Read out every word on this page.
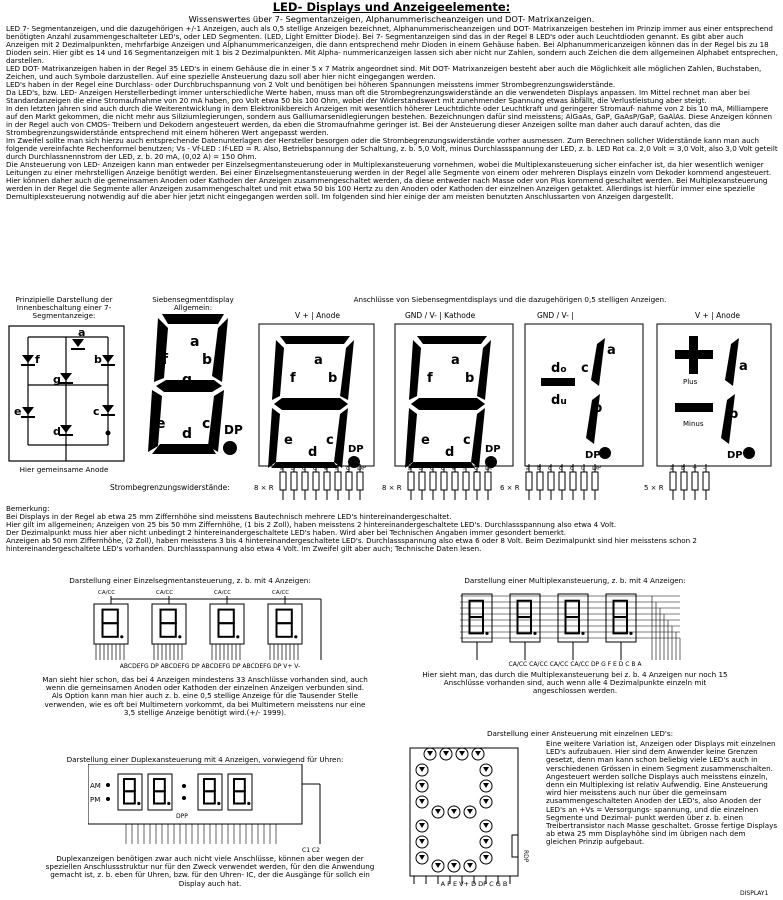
LED- Displays und Anzeigeelemente:
Wissenswertes über 7- Segmentanzeigen, Alphanummerischeanzeigen und DOT- Matrixanzeigen.

LED 7- Segmentanzeigen, und die dazugehörigen +/-1 Anzeigen, auch als 0,5 stellige Anzeigen bezeichnet, Alphanummerischeanzeigen und DOT- Matrixanzeigen bestehen im Prinzip immer aus einer entsprechend benötigten Anzahl zusammengeschalteter LED's, oder LED Segmenten. (LED, Light Emitter Diode). Bei 7- Segmentanzeigen sind das in der Regel 8 LED's oder auch Leuchtdioden genannt. Es gibt aber auch Anzeigen mit 2 Dezimalpunkten, mehrfarbige Anzeigen und Alphanummericanzeigen, die dann entsprechend mehr Dioden in einem Gehäuse haben. Bei Alphanummericanzeigen können das in der Regel bis zu 18 Dioden sein. Hier gibt es 14 und 16 Segmentanzeigen mit 1 bis 2 Dezimalpunkten. Mit Alpha- nummericanzeigen lassen sich aber nicht nur Zahlen, sondern auch Zeichen die dem allgemeinen Alphabet entsprechen, darstellen.

LED DOT- Matrixanzeigen haben in der Regel 35 LED's in einem Gehäuse die in einer 5 x 7 Matrix angeordnet sind. Mit DOT- Matrixanzeigen besteht aber auch die Möglichkeit alle möglichen Zahlen, Buchstaben, Zeichen, und auch Symbole darzustellen. Auf eine spezielle Ansteuerung dazu soll aber hier nicht eingegangen werden.

LED's haben in der Regel eine Durchlass- oder Durchbruchspannung von 2 Volt und benötigen bei höheren Spannungen meisstens immer Strombegrenzungswiderstände.

Da LED's, bzw. LED- Anzeigen Herstellerbedingt immer unterschiedliche Werte haben, muss man oft die Strombegrenzungswiderstände an die verwendeten Displays anpassen. Im Mittel rechnet man aber bei Standardanzeigen die eine Stromaufnahme von 20 mA haben, pro Volt etwa 50 bis 100 Ohm, wobei der Widerstandswert mit zunehmender Spannung etwas äbfällt, die Verlustleistung aber steigt.

In den letzten Jahren sind auch durch die Weiterentwicklung in dem Elektronikbereich Anzeigen mit wesentlich höherer Leuchtdichte oder Leuchtkraft und geringerer Stromauf- nahme von 2 bis 10 mA, Milliampere auf den Markt gekommen, die nicht mehr aus Siliziumlegierungen, sondern aus Galliumarsenidlegierungen bestehen. Bezeichnungen dafür sind meisstens; AlGaAs, GaP, GaAsP/GaP, GaAlAs. Diese Anzeigen können in der Regel auch von CMOS- Treibern und Dekodern angesteuert werden, da eben die Stromaufnahme geringer ist. Bei der Ansteuerung dieser Anzeigen sollte man daher auch darauf achten, das die Strombegrenzungswiderstände entsprechend mit einem höheren Wert angepasst werden.

Im Zweifel sollte man sich hierzu auch entsprechende Datenunterlagen der Hersteller besorgen oder die Strombegrenzungswiderstände vorher ausmessen. Zum Berechnen sollcher Widerstände kann man auch folgende vereinfachte Rechenformel benutzen; Vs - Vf-LED : If-LED = R. Also, Betriebspannung der Schaltung, z. b. 5,0 Volt, minus Durchlassspannung der LED, z. b. LED Rot ca. 2,0 Volt = 3,0 Volt, also 3,0 Volt geteilt durch Durchlassnennstrom der LED, z. b. 20 mA, (0,02 A) = 150 Ohm.

Die Ansteuerung von LED- Anzeigen kann man entweder per Einzelsegmentansteuerung oder in Multiplexansteuerung vornehmen, wobei die Multiplexansteuerung sicher einfacher ist, da hier wesentlich weniger Leitungen zu einer mehrstelligen Anzeige benötigt werden. Bei einer Einzelsegmentansteuerung werden in der Regel alle Segmente von einem oder mehreren Displays einzeln vom Dekoder kommend angesteuert. Hier können daher auch die gemeinsamen Anoden oder Kathoden der Anzeigen zusammengeschaltet werden, da diese entweder nach Masse oder von Plus kommend geschaltet werden. Bei Multiplexansteuerung werden in der Regel die Segmente aller Anzeigen zusammengeschaltet und mit etwa 50 bis 100 Hertz zu den Anoden oder Kathoden der einzelnen Anzeigen getaktet. Allerdings ist hierfür immer eine spezielle Demultiplexsteuerung notwendig auf die aber hier jetzt nicht eingegangen werden soll. Im folgenden sind hier einige der am meisten benutzten Anschlussarten von Anzeigen dargestellt.

Prinzipielle Darstellung der Innenbeschaltung einer 7- Segmentanzeige:
Siebensegmentdisplay Allgemein:
Anschlüsse von Siebensegmentdisplays und die dazugehörigen 0,5 stelligen Anzeigen.
a
f	b
g
e	c
d
Hier gemeinsame Anode
a
f b
g
e	c
d	DP
V + | Anode	GND / V- | Kathode	GND / V- |	V + | Anode
a
f b
e	c
d	DP
a
f b
e	c
d	DP
do
du
c
b
a
DP
a
b
DP
Plus
Minus
Strombegrenzungswiderstände:
a b c d e f g DP
8 × R
a b c d e f g DP
8 × R
a b c d d u DP
6 × R
a b + -
5 × R

Bemerkung:

Bei Displays in der Regel ab etwa 25 mm Ziffernhöhe sind meisstens Bautechnisch mehrere LED's hintereinandergeschaltet.

Hier gilt im allgemeinen; Anzeigen von 25 bis 50 mm Ziffernhöhe, (1 bis 2 Zoll), haben meisstens 2 hintereinandergeschaltete LED's. Durchlassspannung also etwa 4 Volt.

Der Dezimalpunkt muss hier aber nicht unbedingt 2 hintereinandergeschaltete LED's haben. Wird aber bei Technischen Angaben immer gesondert bemerkt.

Anzeigen ab 50 mm Ziffernhöhe, (2 Zoll), haben meisstens 3 bis 4 hintereinandergeschaltete LED's. Durchlassspannung also etwa 6 oder 8 Volt. Beim Dezimalpunkt sind hier meisstens schon 2 hintereinandergeschaltete LED's vorhanden. Durchlassspannung also etwa 4 Volt. Im Zweifel gilt aber auch; Technische Daten lesen.

Darstellung einer Einzelsegmentansteuerung, z. b. mit 4 Anzeigen:
CA/CC	CA/CC	CA/CC	CA/CC
ABCDEFG DP ABCDEFG DP ABCDEFG DP ABCDEFG DP V+ V-
Man sieht hier schon, das bei 4 Anzeigen mindestens 33 Anschlüsse vorhanden sind, auch wenn die gemeinsamen Anoden oder Kathoden der einzelnen Anzeigen verbunden sind. Als Option kann man hier auch z. b. eine 0,5 stellige Anzeige für die Tausender Stelle verwenden, wie es oft bei Multimetern vorkommt, da bei Multimetern meisstens nur eine 3,5 stellige Anzeige benötigt wird.(+/- 1999).
Darstellung einer Multiplexansteuerung, z. b. mit 4 Anzeigen:
CA/CC CA/CC CA/CC CA/CC DP G F E D C B A
Hier sieht man, das durch die Multiplexansteuerung bei z. b. 4 Anzeigen nur noch 15 Anschlüsse vorhanden sind, auch wenn alle 4 Dezimalpunkte einzeln mit angeschlossen werden.
Darstellung einer Duplexansteuerung mit 4 Anzeigen, vorwiegend für Uhren:
AM
PM
C1 C2
DPP
Duplexanzeigen benötigen zwar auch nicht viele Anschlüsse, können aber wegen der speziellen Anschlussstruktur nur für den Zweck verwendet werden, für den die Anwendung gemacht ist, z. b. eben für Uhren, bzw. für den Uhren- IC, der die Ausgänge für sollch ein Display auch hat.
Darstellung einer Ansteuerung mit einzelnen LED's:
RDP
A F E V+ D DP C G B
Eine weitere Variation ist, Anzeigen oder Displays mit einzelnen LED's aufzubauen. Hier sind dem Anwender keine Grenzen gesetzt, denn man kann schon beliebig viele LED's auch in verschiedenen Grössen in einem Segment zusammenschalten. Angesteuert werden sollche Displays auch meisstens einzeln, denn ein Multiplexing ist relativ Aufwendig. Eine Ansteuerung wird hier meisstens auch nur über die gemeinsam zusammengeschalteten Anoden der LED's, also Anoden der LED's an +Vs = Versorgungs- spannung, und die einzelnen Segmente und Dezimal- punkt werden über z. b. einen Treibertransistor nach Masse geschaltet. Grosse fertige Displays ab etwa 25 mm Displayhöhe sind im übrigen nach dem gleichen Prinzip aufgebaut.
DISPLAY1
